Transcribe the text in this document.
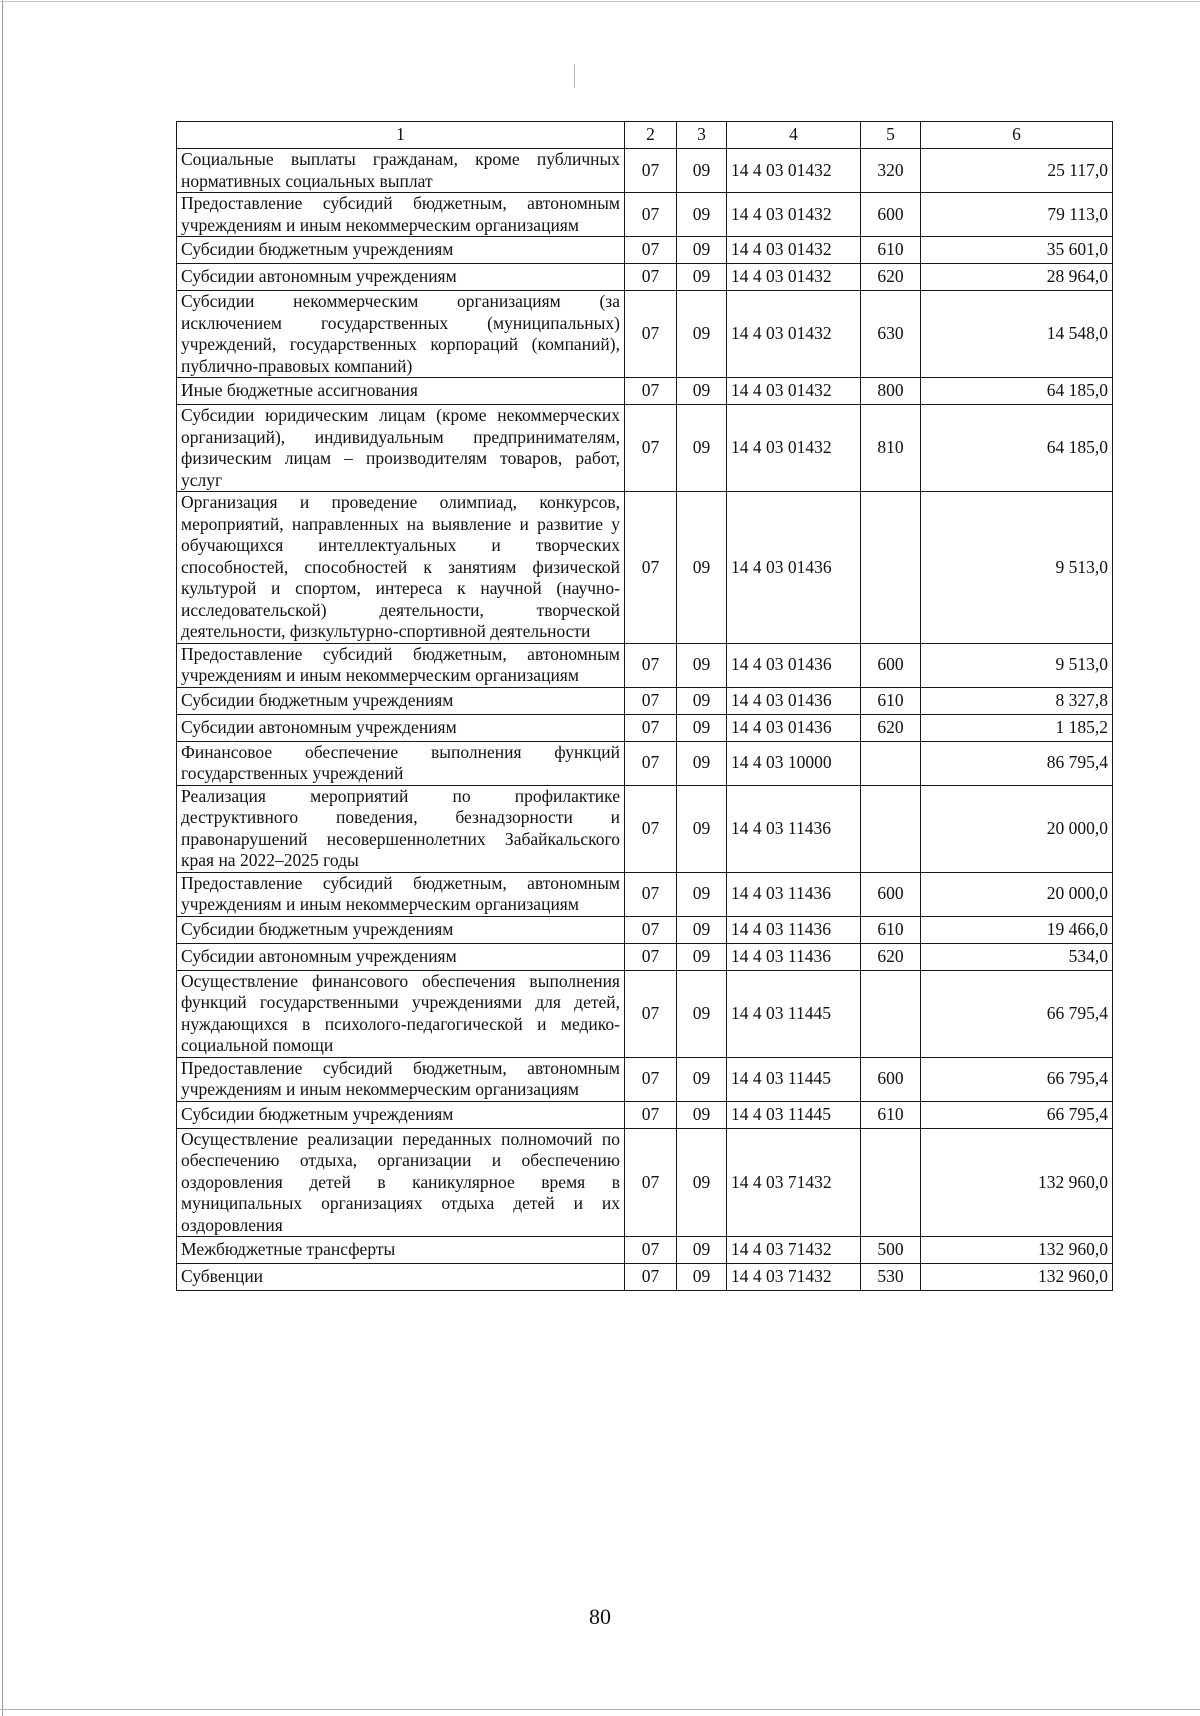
1	2	3	4	5	6
Социальные выплаты гражданам, кроме публичных нормативных социальных выплат	07	09	14 4 03 01432	320	25 117,0
Предоставление субсидий бюджетным, автономным учреждениям и иным некоммерческим организациям	07	09	14 4 03 01432	600	79 113,0
Субсидии бюджетным учреждениям	07	09	14 4 03 01432	610	35 601,0
Субсидии автономным учреждениям	07	09	14 4 03 01432	620	28 964,0
Субсидии некоммерческим организациям (за исключением государственных (муниципальных) учреждений, государственных корпораций (компаний), публично-правовых компаний)	07	09	14 4 03 01432	630	14 548,0
Иные бюджетные ассигнования	07	09	14 4 03 01432	800	64 185,0
Субсидии юридическим лицам (кроме некоммерческих организаций), индивидуальным предпринимателям, физическим лицам – производителям товаров, работ, услуг	07	09	14 4 03 01432	810	64 185,0
Организация и проведение олимпиад, конкурсов, мероприятий, направленных на выявление и развитие у обучающихся интеллектуальных и творческих способностей, способностей к занятиям физической культурой и спортом, интереса к научной (научно-исследовательской) деятельности, творческой деятельности, физкультурно-спортивной деятельности	07	09	14 4 03 01436		9 513,0
Предоставление субсидий бюджетным, автономным учреждениям и иным некоммерческим организациям	07	09	14 4 03 01436	600	9 513,0
Субсидии бюджетным учреждениям	07	09	14 4 03 01436	610	8 327,8
Субсидии автономным учреждениям	07	09	14 4 03 01436	620	1 185,2
Финансовое обеспечение выполнения функций государственных учреждений	07	09	14 4 03 10000		86 795,4
Реализация мероприятий по профилактике деструктивного поведения, безнадзорности и правонарушений несовершеннолетних Забайкальского края на 2022–2025 годы	07	09	14 4 03 11436		20 000,0
Предоставление субсидий бюджетным, автономным учреждениям и иным некоммерческим организациям	07	09	14 4 03 11436	600	20 000,0
Субсидии бюджетным учреждениям	07	09	14 4 03 11436	610	19 466,0
Субсидии автономным учреждениям	07	09	14 4 03 11436	620	534,0
Осуществление финансового обеспечения выполнения функций государственными учреждениями для детей, нуждающихся в психолого-педагогической и медико-социальной помощи	07	09	14 4 03 11445		66 795,4
Предоставление субсидий бюджетным, автономным учреждениям и иным некоммерческим организациям	07	09	14 4 03 11445	600	66 795,4
Субсидии бюджетным учреждениям	07	09	14 4 03 11445	610	66 795,4
Осуществление реализации переданных полномочий по обеспечению отдыха, организации и обеспечению оздоровления детей в каникулярное время в муниципальных организациях отдыха детей и их оздоровления	07	09	14 4 03 71432		132 960,0
Межбюджетные трансферты	07	09	14 4 03 71432	500	132 960,0
Субвенции	07	09	14 4 03 71432	530	132 960,0
80
